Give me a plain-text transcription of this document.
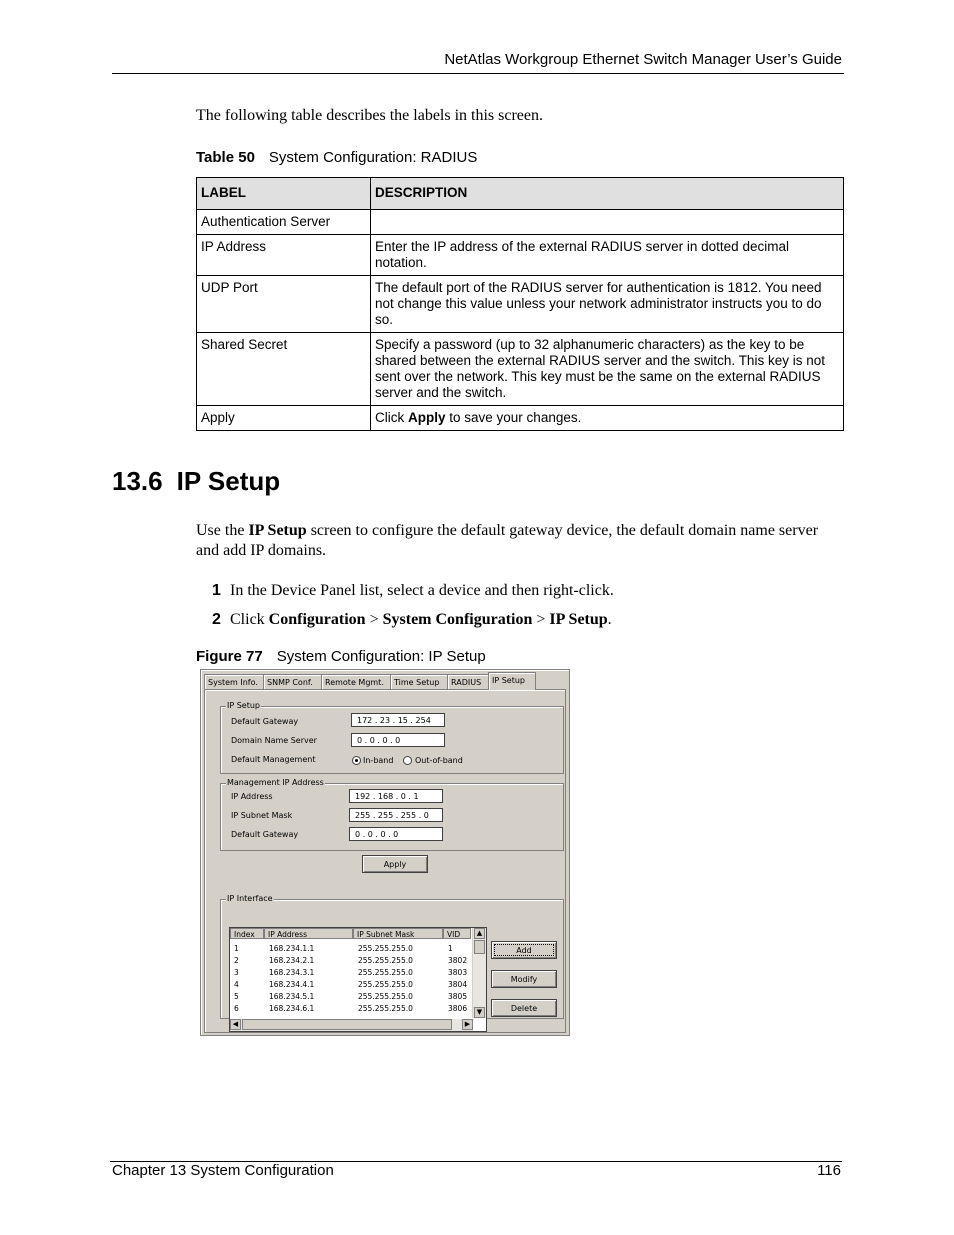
NetAtlas Workgroup Ethernet Switch Manager User’s Guide
The following table describes the labels in this screen.
Table 50 System Configuration: RADIUS
LABEL	DESCRIPTION
Authentication Server	
IP Address	Enter the IP address of the external RADIUS server in dotted decimal notation.
UDP Port	The default port of the RADIUS server for authentication is 1812. You need not change this value unless your network administrator instructs you to do so.
Shared Secret	Specify a password (up to 32 alphanumeric characters) as the key to be shared between the external RADIUS server and the switch. This key is not sent over the network. This key must be the same on the external RADIUS server and the switch.
Apply	Click Apply to save your changes.
13.6 IP Setup
Use the IP Setup screen to configure the default gateway device, the default domain name server and add IP domains.
1 In the Device Panel list, select a device and then right-click.
2 Click Configuration > System Configuration > IP Setup.
Figure 77 System Configuration: IP Setup
System Info.	SNMP Conf.	Remote Mgmt.	Time Setup	RADIUS	IP Setup
IP Setup
Default Gateway	172 . 23 . 15 . 254
Domain Name Server	0 . 0 . 0 . 0
Default Management	In-band	Out-of-band
Management IP Address
IP Address	192 . 168 . 0 . 1
IP Subnet Mask	255 . 255 . 255 . 0
Default Gateway	0 . 0 . 0 . 0
Apply
IP Interface
Index	IP Address	IP Subnet Mask	VID
1	168.234.1.1	255.255.255.0	1
2	168.234.2.1	255.255.255.0	3802
3	168.234.3.1	255.255.255.0	3803
4	168.234.4.1	255.255.255.0	3804
5	168.234.5.1	255.255.255.0	3805
6	168.234.6.1	255.255.255.0	3806
▲
▼
◀	▶
Add
Modify
Delete
Chapter 13 System Configuration	116
